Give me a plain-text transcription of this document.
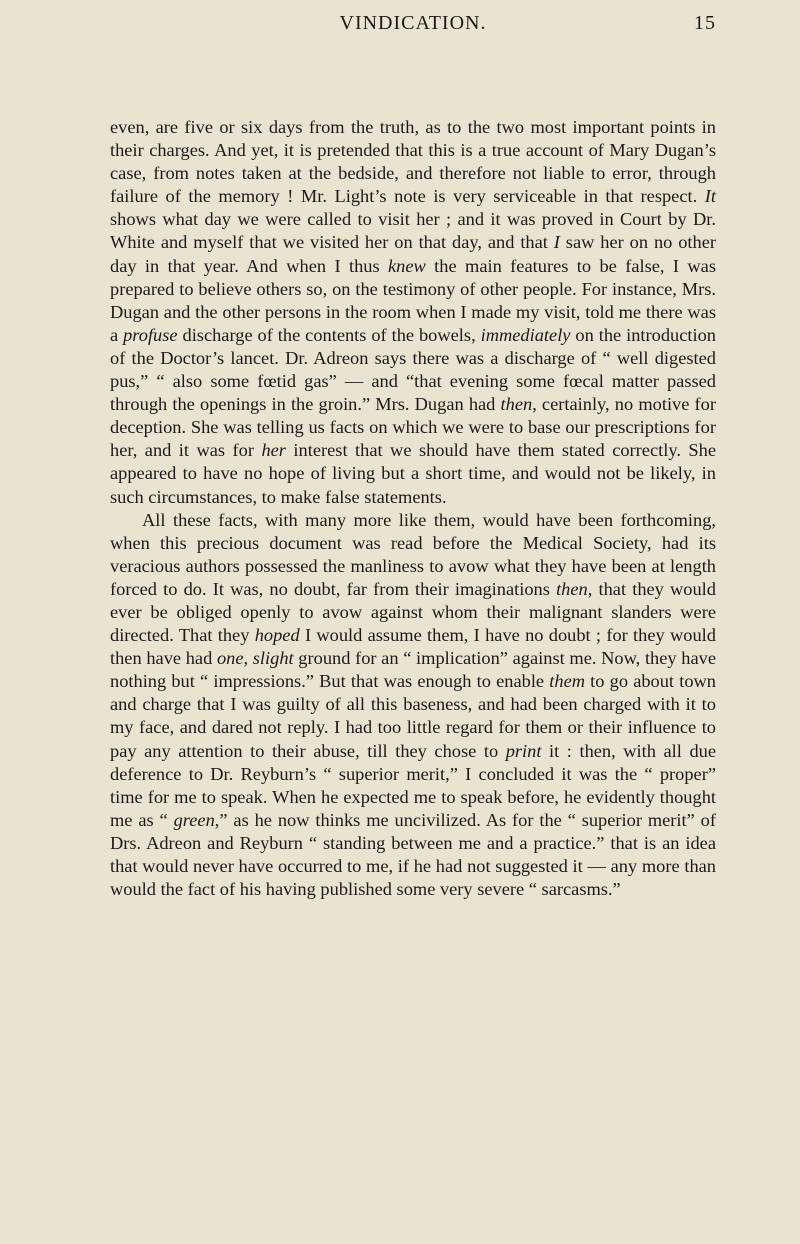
VINDICATION.	15

even, are five or six days from the truth, as to the two most important points in their charges. And yet, it is pretended that this is a true account of Mary Dugan’s case, from notes taken at the bedside, and therefore not liable to error, through failure of the memory ! Mr. Light’s note is very serviceable in that respect. It shows what day we were called to visit her ; and it was proved in Court by Dr. White and myself that we visited her on that day, and that I saw her on no other day in that year. And when I thus knew the main features to be false, I was prepared to believe others so, on the testimony of other people. For instance, Mrs. Dugan and the other persons in the room when I made my visit, told me there was a profuse discharge of the contents of the bowels, immediately on the introduction of the Doctor’s lancet. Dr. Adreon says there was a discharge of “ well digested pus,” “ also some fœtid gas” — and “that evening some fœcal matter passed through the openings in the groin.” Mrs. Dugan had then, certainly, no motive for deception. She was telling us facts on which we were to base our prescriptions for her, and it was for her interest that we should have them stated correctly. She appeared to have no hope of living but a short time, and would not be likely, in such circumstances, to make false statements.

All these facts, with many more like them, would have been forthcoming, when this precious document was read before the Medical Society, had its veracious authors possessed the manliness to avow what they have been at length forced to do. It was, no doubt, far from their imaginations then, that they would ever be obliged openly to avow against whom their malignant slanders were directed. That they hoped I would assume them, I have no doubt ; for they would then have had one, slight ground for an “ implication” against me. Now, they have nothing but “ impressions.” But that was enough to enable them to go about town and charge that I was guilty of all this baseness, and had been charged with it to my face, and dared not reply. I had too little regard for them or their influence to pay any attention to their abuse, till they chose to print it : then, with all due deference to Dr. Reyburn’s “ superior merit,” I concluded it was the “ proper” time for me to speak. When he expected me to speak before, he evidently thought me as “ green,” as he now thinks me uncivilized. As for the “ superior merit” of Drs. Adreon and Reyburn “ standing between me and a practice.” that is an idea that would never have occurred to me, if he had not suggested it — any more than would the fact of his having published some very severe “ sarcasms.”
